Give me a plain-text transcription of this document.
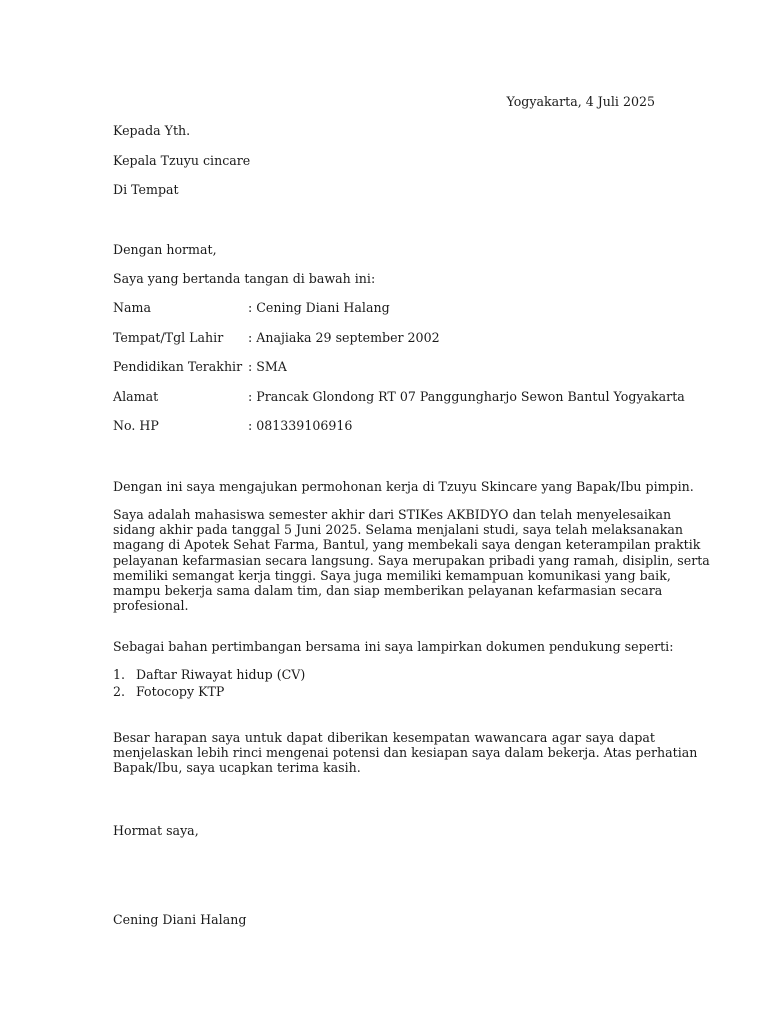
Yogyakarta, 4 Juli 2025
Kepada Yth.
Kepala Tzuyu cincare
Di Tempat
Dengan hormat,
Saya yang bertanda tangan di bawah ini:
Nama	: Cening Diani Halang
Tempat/Tgl Lahir : Anajiaka 29 september 2002
Pendidikan Terakhir : SMA
Alamat	: Prancak Glondong RT 07 Panggungharjo Sewon Bantul Yogyakarta
No. HP	: 081339106916
Dengan ini saya mengajukan permohonan kerja di Tzuyu Skincare yang Bapak/Ibu pimpin.
Saya adalah mahasiswa semester akhir dari STIKes AKBIDYO dan telah menyelesaikan
sidang akhir pada tanggal 5 Juni 2025. Selama menjalani studi, saya telah melaksanakan
magang di Apotek Sehat Farma, Bantul, yang membekali saya dengan keterampilan praktik
pelayanan kefarmasian secara langsung. Saya merupakan pribadi yang ramah, disiplin, serta
memiliki semangat kerja tinggi. Saya juga memiliki kemampuan komunikasi yang baik,
mampu bekerja sama dalam tim, dan siap memberikan pelayanan kefarmasian secara
profesional.
Sebagai bahan pertimbangan bersama ini saya lampirkan dokumen pendukung seperti:
1. Daftar Riwayat hidup (CV)
2. Fotocopy KTP
Besar harapan saya untuk dapat diberikan kesempatan wawancara agar saya dapat
menjelaskan lebih rinci mengenai potensi dan kesiapan saya dalam bekerja. Atas perhatian
Bapak/Ibu, saya ucapkan terima kasih.
Hormat saya,
Cening Diani Halang
